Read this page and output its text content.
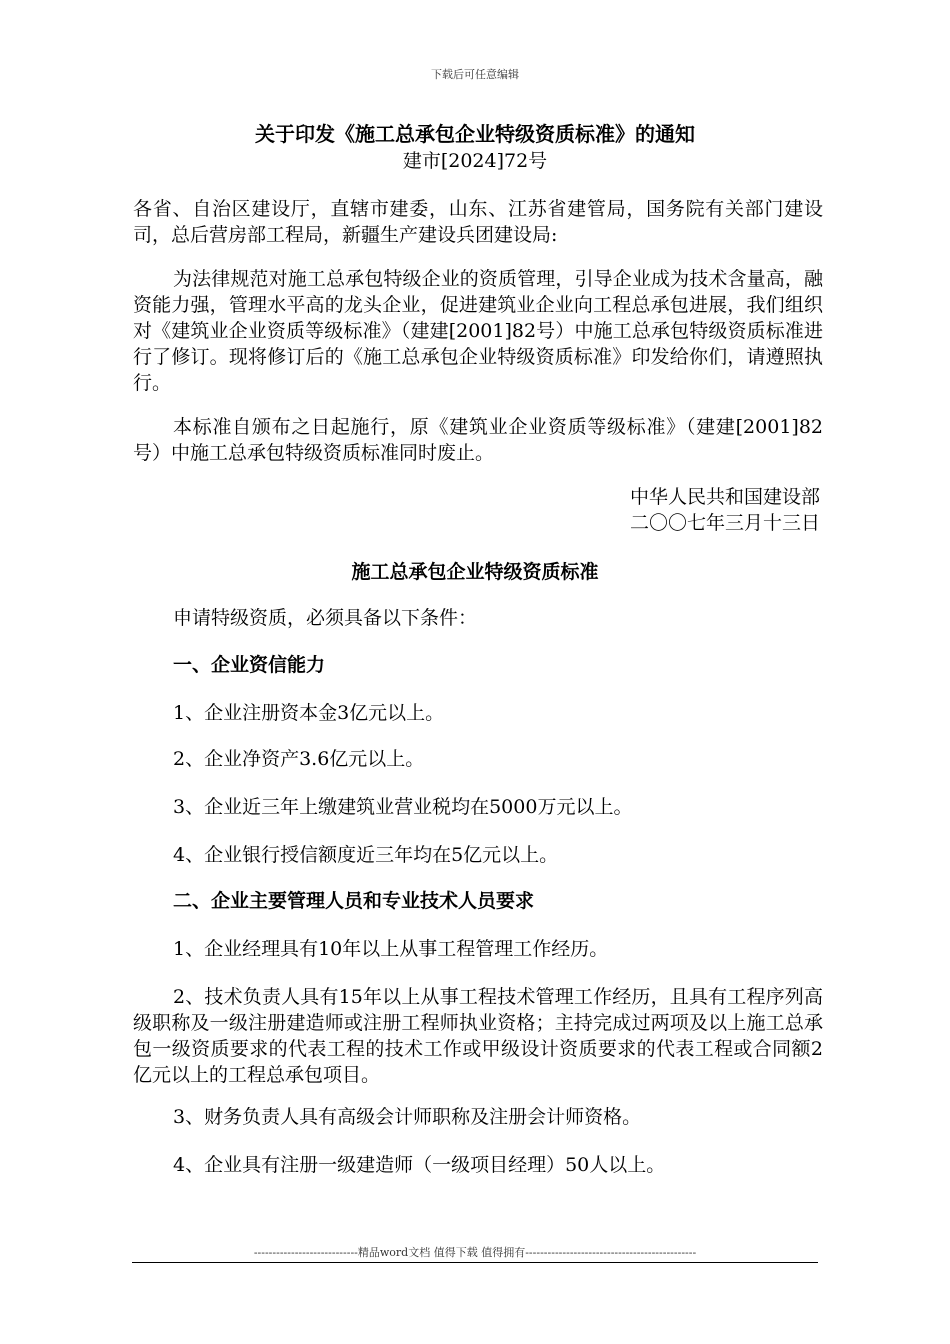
下载后可任意编辑
关于印发《施工总承包企业特级资质标准》的通知
建市[2024]72号
各省、自治区建设厅，直辖市建委，山东、江苏省建管局，国务院有关部门建设司，总后营房部工程局，新疆生产建设兵团建设局:
为法律规范对施工总承包特级企业的资质管理，引导企业成为技术含量高，融资能力强，管理水平高的龙头企业，促进建筑业企业向工程总承包进展，我们组织对《建筑业企业资质等级标准》（建建[2001]82号）中施工总承包特级资质标准进行了修订。现将修订后的《施工总承包企业特级资质标准》印发给你们，请遵照执行。
本标准自颁布之日起施行，原《建筑业企业资质等级标准》（建建[2001]82号）中施工总承包特级资质标准同时废止。
中华人民共和国建设部
二〇〇七年三月十三日
施工总承包企业特级资质标准
申请特级资质，必须具备以下条件：
一、企业资信能力
1、企业注册资本金3亿元以上。
2、企业净资产3.6亿元以上。
3、企业近三年上缴建筑业营业税均在5000万元以上。
4、企业银行授信额度近三年均在5亿元以上。
二、企业主要管理人员和专业技术人员要求
1、企业经理具有10年以上从事工程管理工作经历。
2、技术负责人具有15年以上从事工程技术管理工作经历，且具有工程序列高级职称及一级注册建造师或注册工程师执业资格；主持完成过两项及以上施工总承包一级资质要求的代表工程的技术工作或甲级设计资质要求的代表工程或合同额2亿元以上的工程总承包项目。
3、财务负责人具有高级会计师职称及注册会计师资格。
4、企业具有注册一级建造师（一级项目经理）50人以上。
----------------------------精品word文档 值得下载 值得拥有----------------------------------------------
